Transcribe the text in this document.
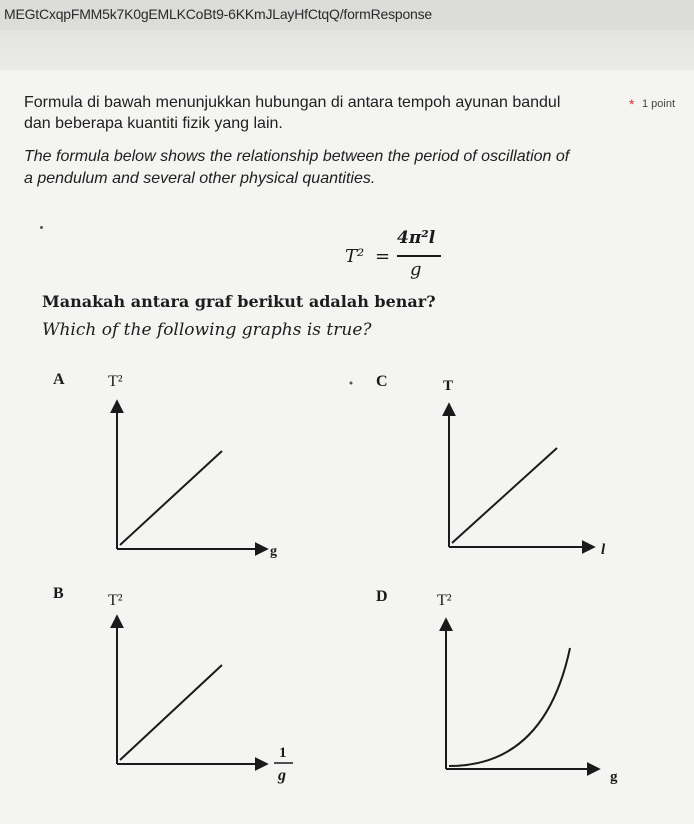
MEGtCxqpFMM5k7K0gEMLKCoBt9-6KKmJLayHfCtqQ/formResponse
Formula di bawah menunjukkan hubungan di antara tempoh ayunan bandul
dan beberapa kuantiti fizik yang lain.
* 1 point
The formula below shows the relationship between the period of oscillation of
a pendulum and several other physical quantities.
T² =
4π²l
g
Manakah antara graf berikut adalah benar?
Which of the following graphs is true?
A	T²
g
B	T²
1
g
C	T
l
D	T²
g
